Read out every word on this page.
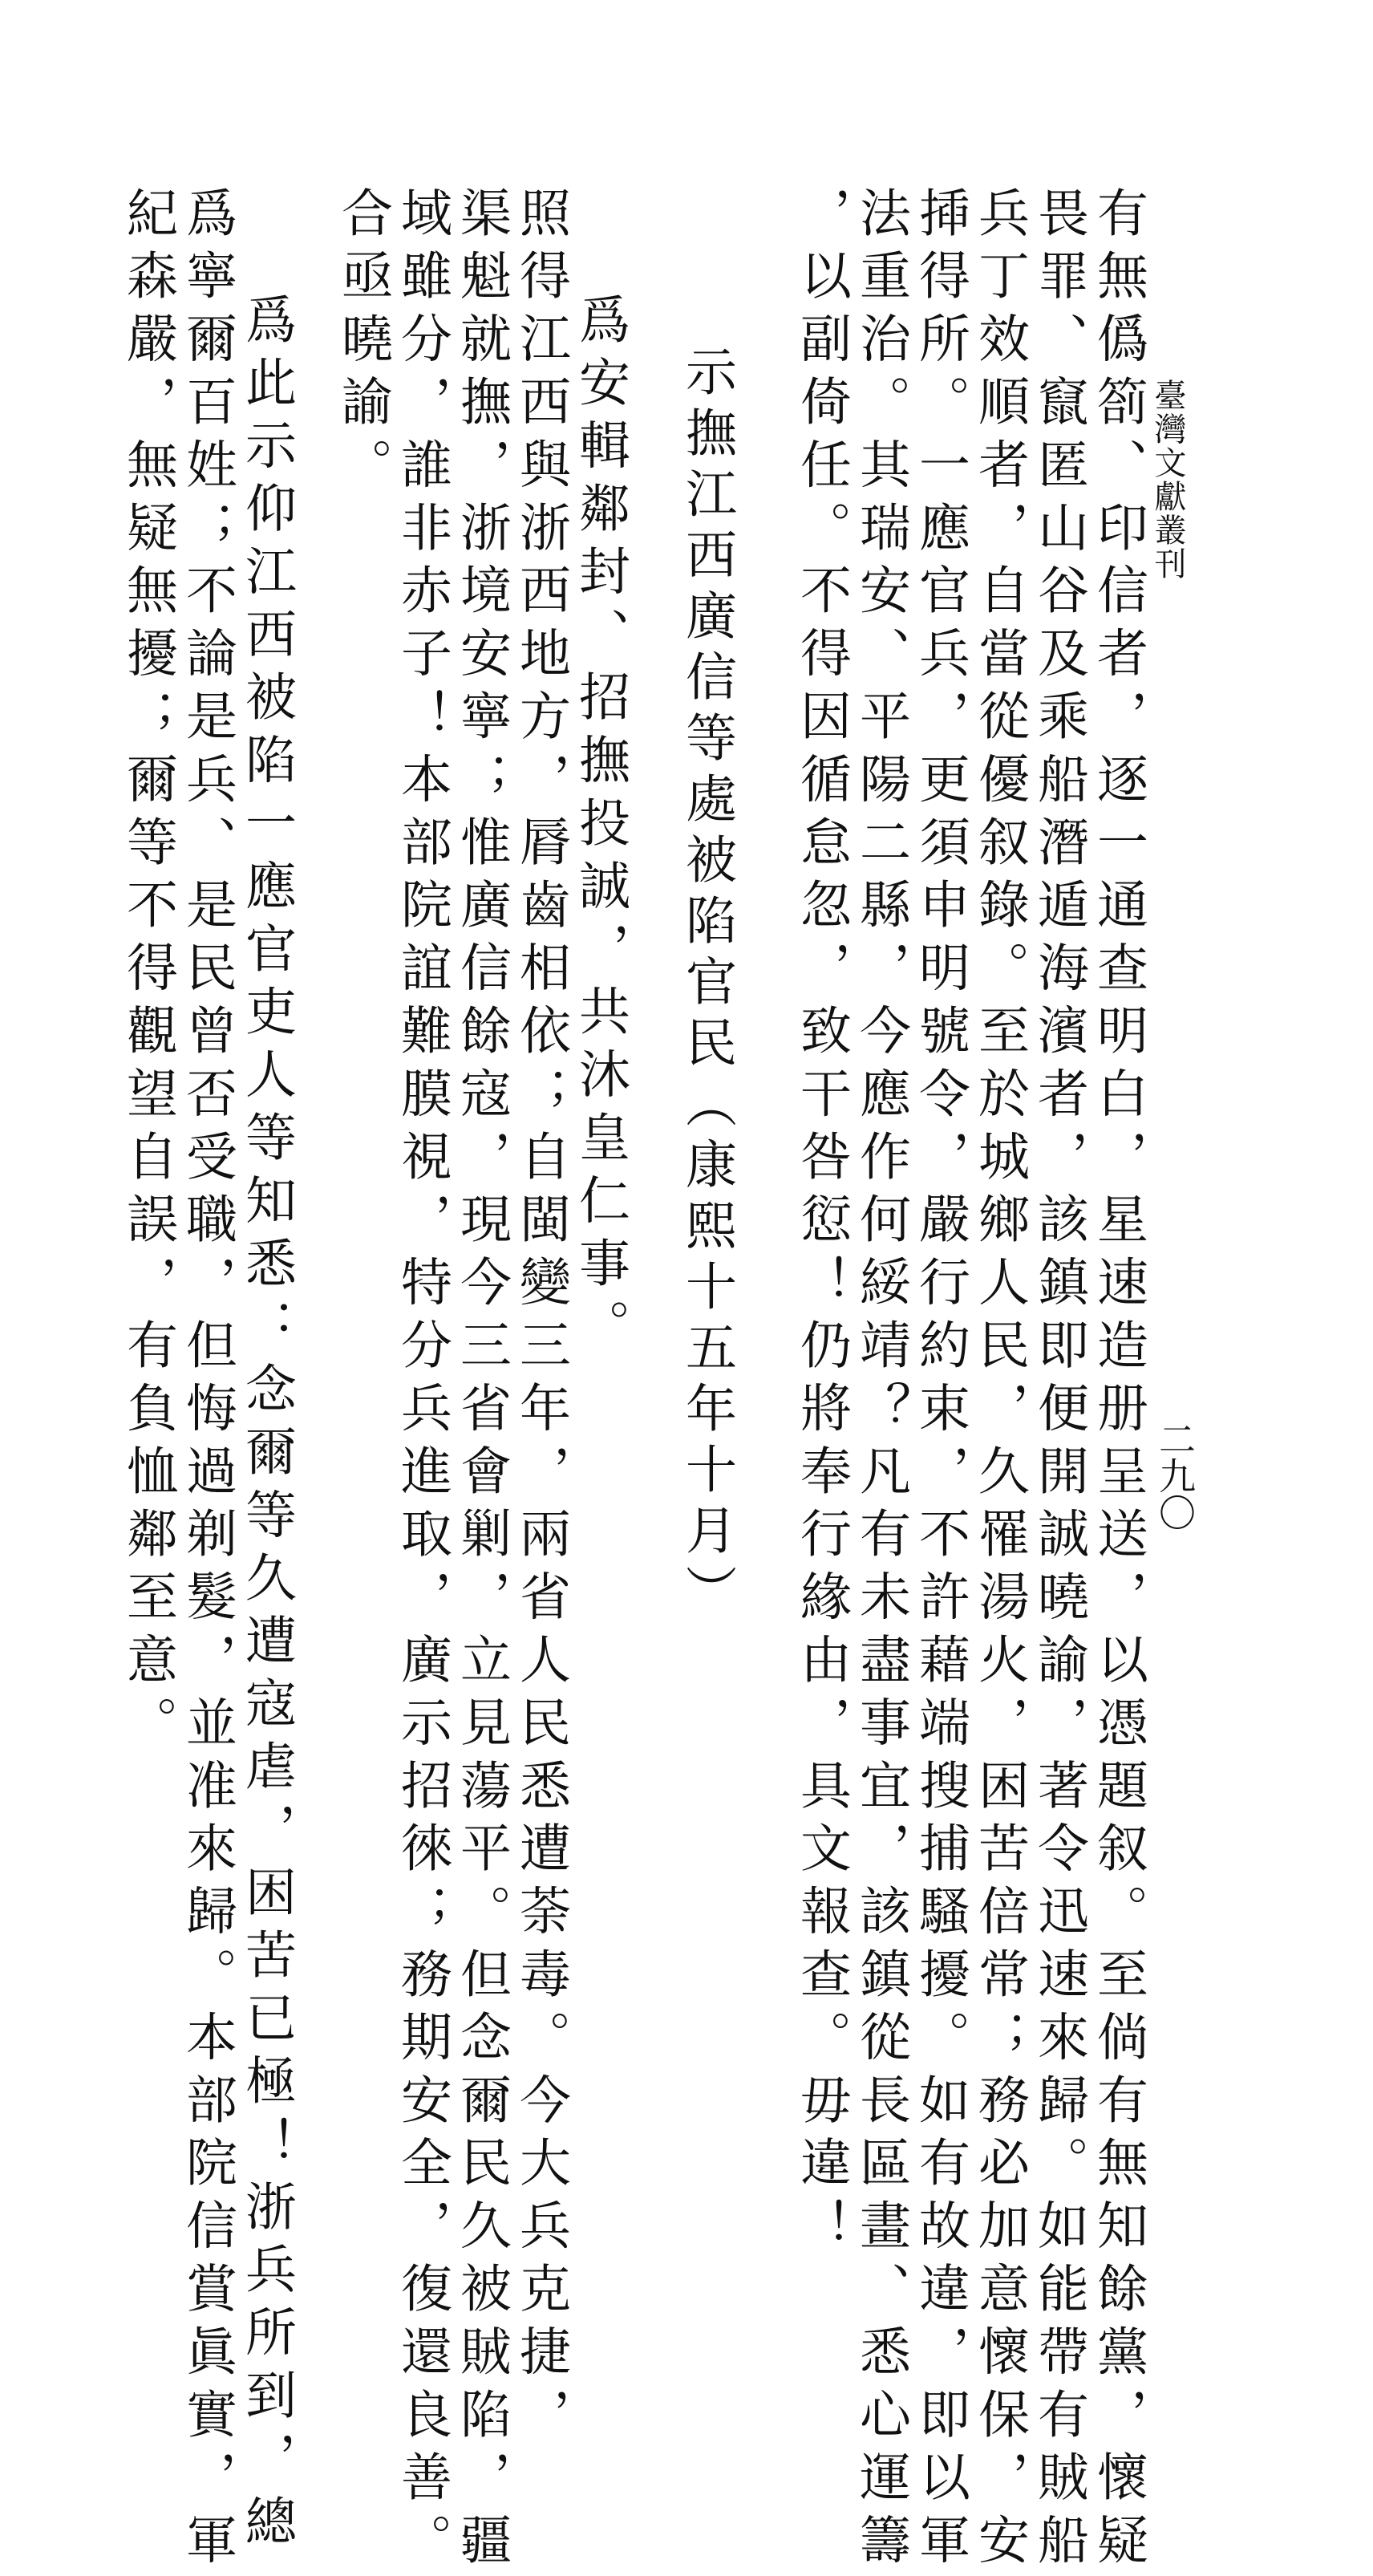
臺灣文獻叢刊
二九〇
有無僞箚、印信者，逐一通查明白，星速造册呈送，以憑題叙。至倘有無知餘黨，懷疑
畏罪、竄匿山谷及乘船潛遁海濱者，該鎮即便開誠曉諭，著令迅速來歸。如能帶有賊船
兵丁效順者，自當從優叙錄。至於城鄉人民，久罹湯火，困苦倍常；務必加意懷保，安
揷得所。一應官兵，更須申明號令，嚴行約束，不許藉端搜捕騷擾。如有故違，即以軍
法重治。其瑞安、平陽二縣，今應作何綏靖？凡有未盡事宜，該鎮從長區畫、悉心運籌
，以副倚任。不得因循怠忽，致干咎愆！仍將奉行緣由，具文報查。毋違！
示撫江西廣信等處被陷官民（康熙十五年十月）
爲安輯鄰封、招撫投誠，共沐皇仁事。
照得江西與浙西地方，脣齒相依；自閩變三年，兩省人民悉遭荼毒。今大兵克捷，
渠魁就撫，浙境安寧；惟廣信餘寇，現今三省會剿，立見蕩平。但念爾民久被賊陷，疆
域雖分，誰非赤子！本部院誼難膜視，特分兵進取，廣示招徠；務期安全，復還良善。
合亟曉諭。
爲此示仰江西被陷一應官吏人等知悉：念爾等久遭寇虐，困苦已極！浙兵所到，總
爲寧爾百姓；不論是兵、是民曾否受職，但悔過剃髮，並准來歸。本部院信賞眞實，軍
紀森嚴，無疑無擾；爾等不得觀望自誤，有負恤鄰至意。
